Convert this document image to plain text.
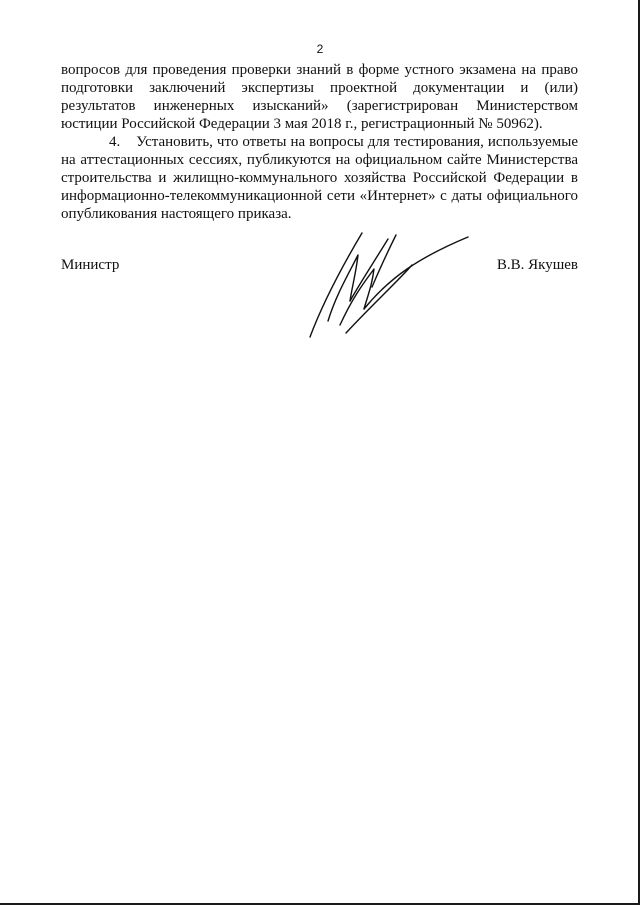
2

вопросов для проведения проверки знаний в форме устного экзамена на право подготовки заключений экспертизы проектной документации и (или) результатов инженерных изысканий» (зарегистрирован Министерством юстиции Российской Федерации 3 мая 2018 г., регистрационный № 50962).

4.    Установить, что ответы на вопросы для тестирования, используемые на аттестационных сессиях, публикуются на официальном сайте Министерства строительства и жилищно-коммунального хозяйства Российской Федерации в информационно-телекоммуникационной сети «Интернет» с даты официального опубликования настоящего приказа.

Министр	В.В. Якушев
